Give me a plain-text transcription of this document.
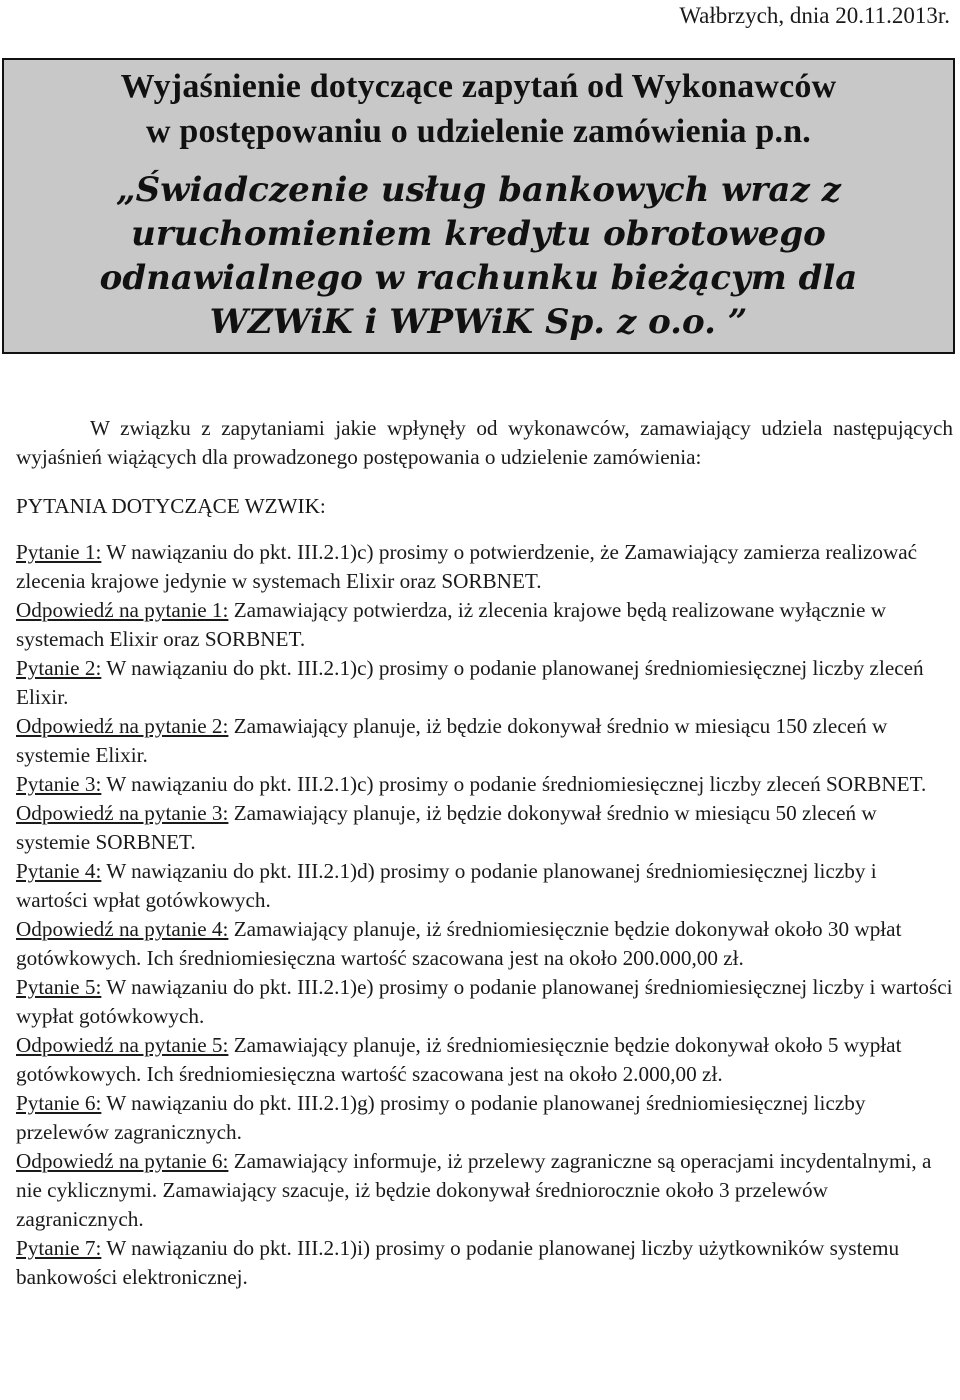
Wałbrzych, dnia 20.11.2013r.
Wyjaśnienie dotyczące zapytań od Wykonawców
w postępowaniu o udzielenie zamówienia p.n.
„Świadczenie usług bankowych wraz z uruchomieniem kredytu obrotowego odnawialnego w rachunku bieżącym dla WZWiK i WPWiK Sp. z o.o. ”

W związku z zapytaniami jakie wpłynęły od wykonawców, zamawiający udziela następujących wyjaśnień wiążących dla prowadzonego postępowania o udzielenie zamówienia:

PYTANIA DOTYCZĄCE WZWIK:

Pytanie 1: W nawiązaniu do pkt. III.2.1)c) prosimy o potwierdzenie, że Zamawiający zamierza realizować zlecenia krajowe jedynie w systemach Elixir oraz SORBNET.

Odpowiedź na pytanie 1: Zamawiający potwierdza, iż zlecenia krajowe będą realizowane wyłącznie w systemach Elixir oraz SORBNET.

Pytanie 2: W nawiązaniu do pkt. III.2.1)c) prosimy o podanie planowanej średniomiesięcznej liczby zleceń Elixir.

Odpowiedź na pytanie 2: Zamawiający planuje, iż będzie dokonywał średnio w miesiącu 150 zleceń w systemie Elixir.

Pytanie 3: W nawiązaniu do pkt. III.2.1)c) prosimy o podanie średniomiesięcznej liczby zleceń SORBNET.

Odpowiedź na pytanie 3: Zamawiający planuje, iż będzie dokonywał średnio w miesiącu 50 zleceń w systemie SORBNET.

Pytanie 4: W nawiązaniu do pkt. III.2.1)d) prosimy o podanie planowanej średniomiesięcznej liczby i wartości wpłat gotówkowych.

Odpowiedź na pytanie 4: Zamawiający planuje, iż średniomiesięcznie będzie dokonywał około 30 wpłat gotówkowych. Ich średniomiesięczna wartość szacowana jest na około 200.000,00 zł.

Pytanie 5: W nawiązaniu do pkt. III.2.1)e) prosimy o podanie planowanej średniomiesięcznej liczby i wartości wypłat gotówkowych.

Odpowiedź na pytanie 5: Zamawiający planuje, iż średniomiesięcznie będzie dokonywał około 5 wypłat gotówkowych. Ich średniomiesięczna wartość szacowana jest na około 2.000,00 zł.

Pytanie 6: W nawiązaniu do pkt. III.2.1)g) prosimy o podanie planowanej średniomiesięcznej liczby przelewów zagranicznych.

Odpowiedź na pytanie 6: Zamawiający informuje, iż przelewy zagraniczne są operacjami incydentalnymi, a nie cyklicznymi. Zamawiający szacuje, iż będzie dokonywał średniorocznie około 3 przelewów zagranicznych.

Pytanie 7: W nawiązaniu do pkt. III.2.1)i) prosimy o podanie planowanej liczby użytkowników systemu bankowości elektronicznej.
